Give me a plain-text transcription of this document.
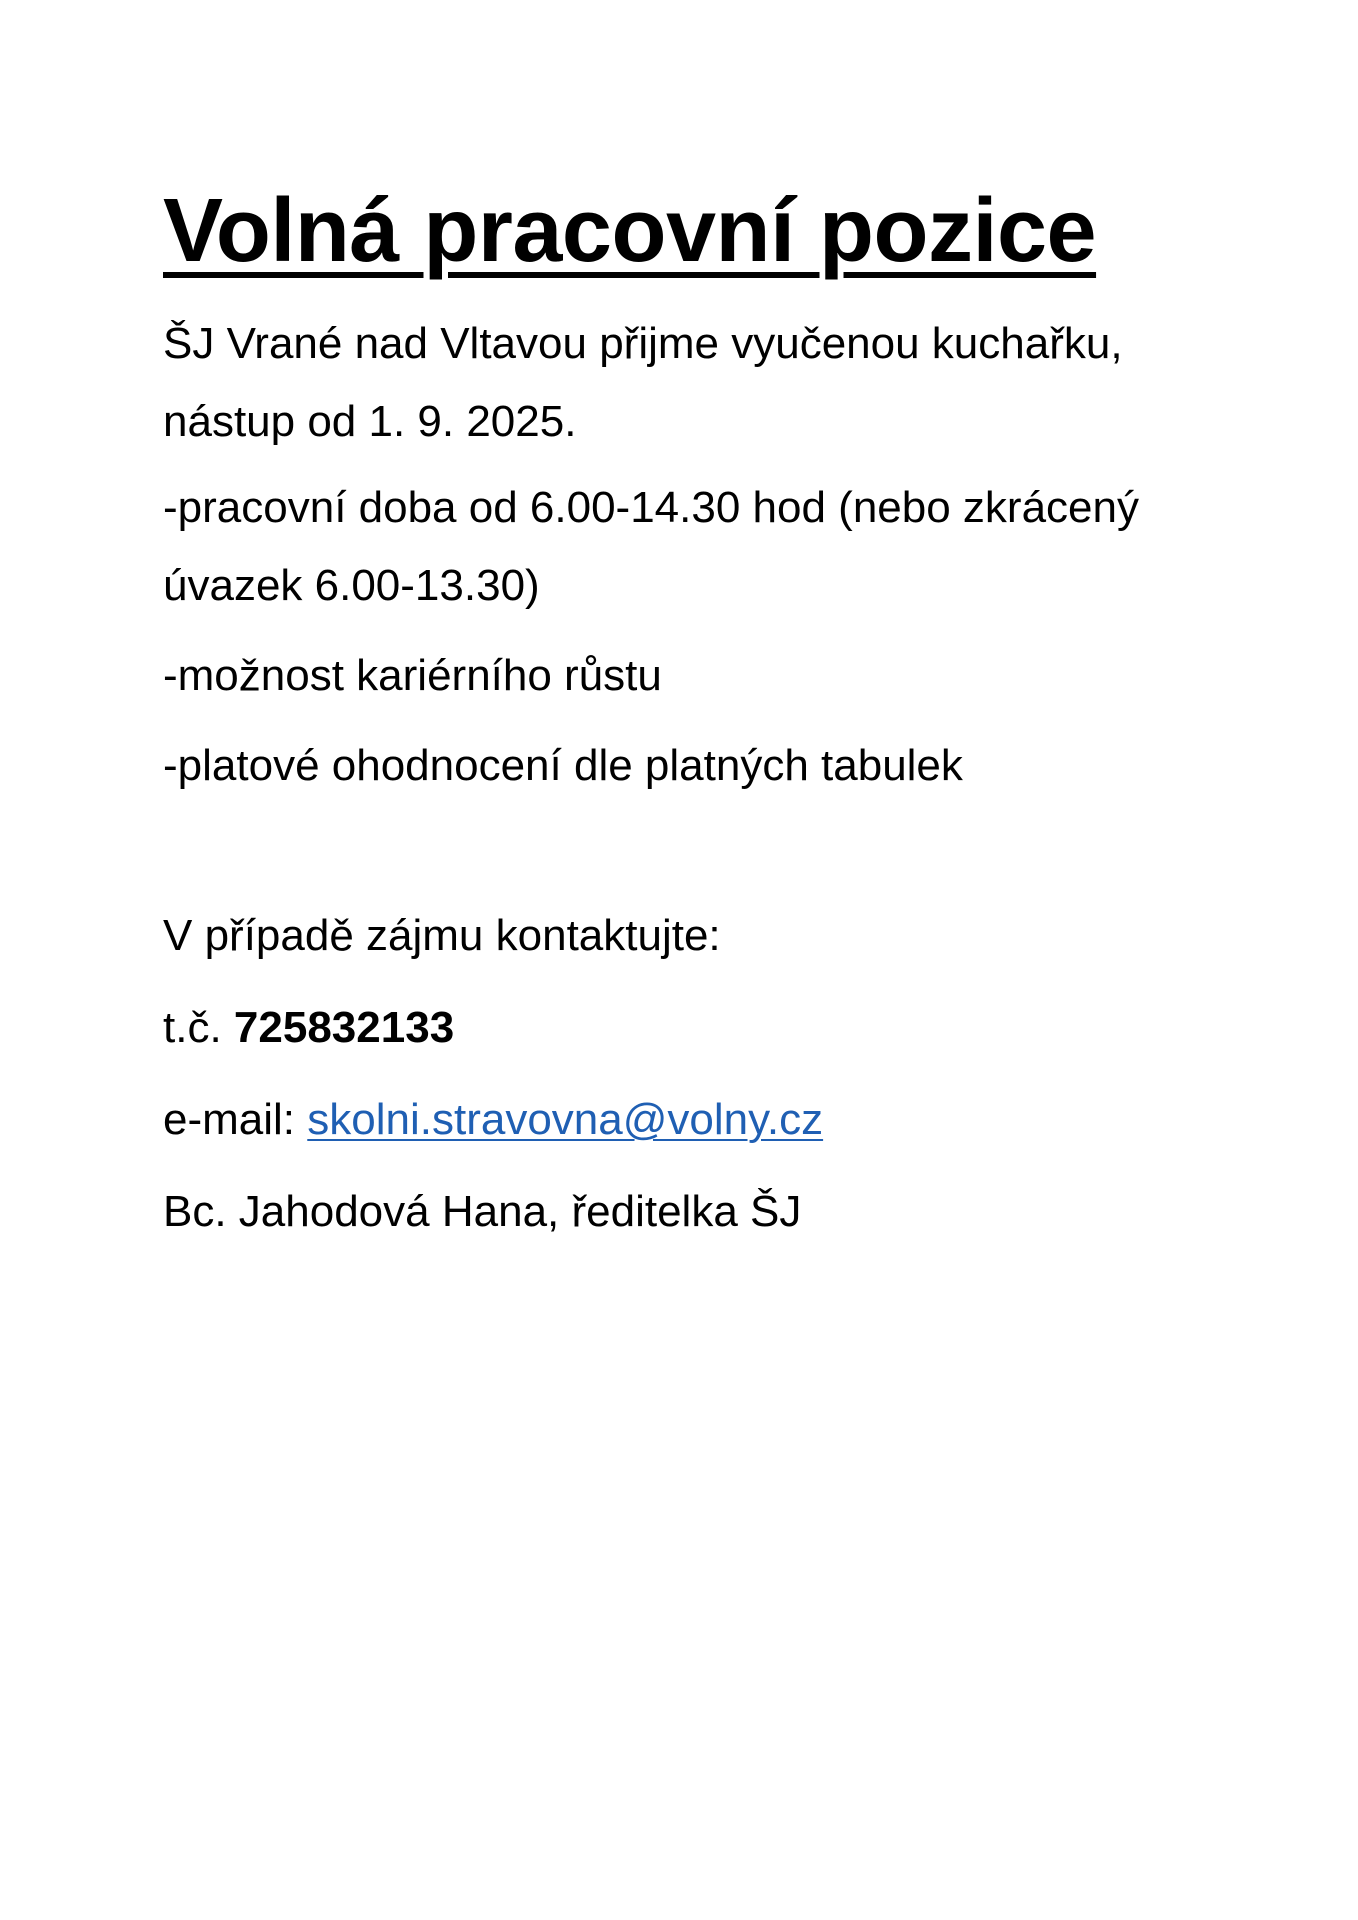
Volná pracovní pozice

ŠJ Vrané nad Vltavou přijme vyučenou kuchařku, nástup od 1. 9. 2025.

-pracovní doba od 6.00-14.30 hod (nebo zkrácený úvazek 6.00-13.30)

-možnost kariérního růstu

-platové ohodnocení dle platných tabulek

V případě zájmu kontaktujte:

t.č. 725832133

e-mail: skolni.stravovna@volny.cz

Bc. Jahodová Hana, ředitelka ŠJ
